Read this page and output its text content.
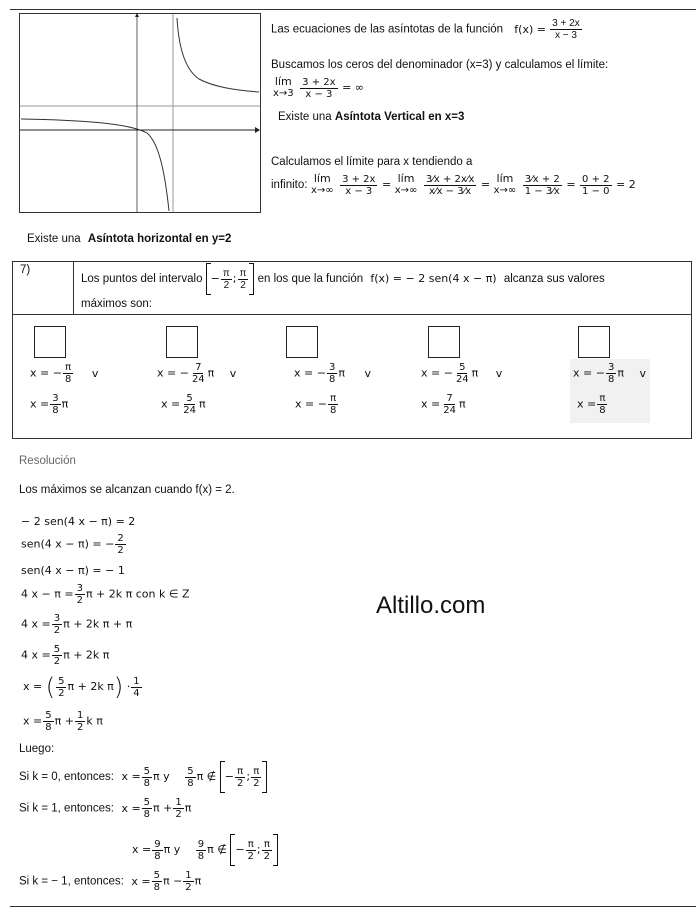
Las ecuaciones de las asíntotas de la función $f(x) = \frac{3 + 2x}{x - 3}$
Buscamos los ceros del denominador (x=3) y calculamos el límite:
lím
x→3
$\frac{3 + 2x}{x - 3}$ = ∞
Existe una Asíntota Vertical en x=3
Calculamos el límite para x tendiendo a
infinito: lím
x→∞
$\frac{3 + 2x}{x - 3}$ = lím
x→∞
$\frac{3⁄x + 2x⁄x}{x⁄x - 3⁄x}$ = lím
x→∞
$\frac{3⁄x + 2}{1 - 3⁄x} = \frac{0 + 2}{1 - 0} = 2$
Existe una Asíntota horizontal en y=2
7)
Los puntos del intervalo − $\frac{\pi}{2}$ ; $\frac{\pi}{2}$ en los que la función f(x) = − 2 sen(4 x − π) alcanza sus valores
máximos son:
x = − $\frac{\pi}{8}$ v
$x = \frac{3}{8}$ π
x = − $\frac{7}{24}$ π v
$x = \frac{5}{24}$ π
x = − $\frac{3}{8}$ π v
x = − $\frac{\pi}{8}$
x = − $\frac{5}{24}$ π v
$x = \frac{7}{24}$ π
x = − $\frac{3}{8}$ π v
$x = \frac{\pi}{8}$
Resolución
Los máximos se alcanzan cuando f(x) = 2.
− 2 sen(4 x − π) = 2
sen(4 x − π) = − $\frac{2}{2}$
sen(4 x − π) = − 1
4 $x - \pi = \frac{3}{2}$ π + 2k π con k ∈ Z
4 $x = \frac{3}{2}$ π + 2k π + π
4 $x = \frac{5}{2}$ π + 2k π
x = ( $\frac{5}{2}$ π + 2k $\pi) \cdot \frac{1}{4}$
$x = \frac{5}{8}$ $\pi + \frac{1}{2}$ k π
Luego:
Si k = 0, entonces: $x = \frac{5}{8}$ π y $\frac{5}{8}$ π ∉ − $\frac{\pi}{2}$ ; $\frac{\pi}{2}$
Si k = 1, entonces: $x = \frac{5}{8}$ $\pi + \frac{1}{2}$ π
$x = \frac{9}{8}$ π y $\frac{9}{8}$ π ∉ − $\frac{\pi}{2}$ ; $\frac{\pi}{2}$
Si k = − 1, entonces: $x = \frac{5}{8}$ $\pi - \frac{1}{2}$ π
Altillo.com
